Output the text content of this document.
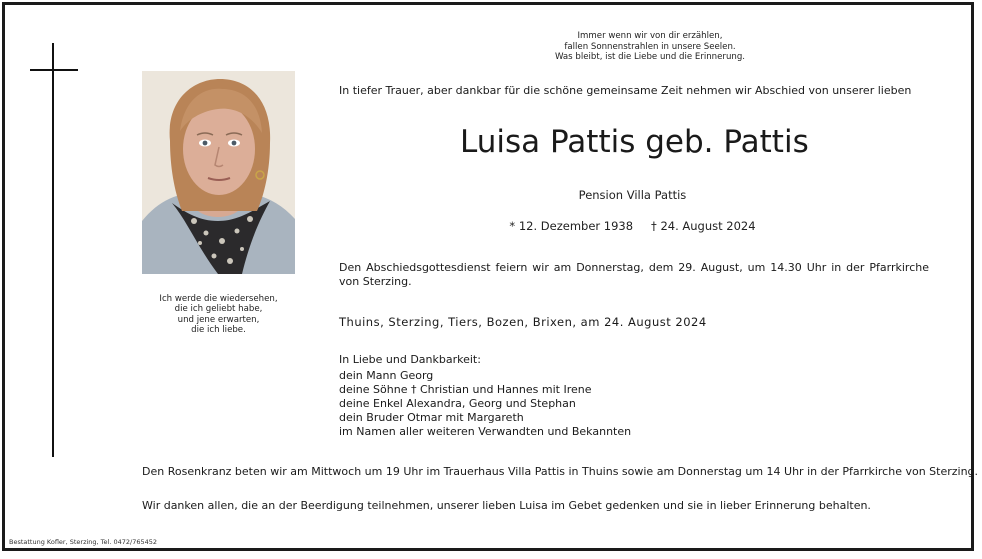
Immer wenn wir von dir erzählen,
fallen Sonnenstrahlen in unsere Seelen.
Was bleibt, ist die Liebe und die Erinnerung.
In tiefer Trauer, aber dankbar für die schöne gemeinsame Zeit nehmen wir Abschied von unserer lieben
Luisa Pattis geb. Pattis
Pension Villa Pattis
* 12. Dezember 1938 † 24. August 2024
Den Abschiedsgottesdienst feiern wir am Donnerstag, dem 29. August, um 14.30 Uhr in der Pfarrkirche von Sterzing.
Thuins, Sterzing, Tiers, Bozen, Brixen, am 24. August 2024
In Liebe und Dankbarkeit:
dein Mann Georg
deine Söhne † Christian und Hannes mit Irene
deine Enkel Alexandra, Georg und Stephan
dein Bruder Otmar mit Margareth
im Namen aller weiteren Verwandten und Bekannten
Ich werde die wiedersehen,
die ich geliebt habe,
und jene erwarten,
die ich liebe.
Den Rosenkranz beten wir am Mittwoch um 19 Uhr im Trauerhaus Villa Pattis in Thuins sowie am Donnerstag um 14 Uhr in der Pfarrkirche von Sterzing.
Wir danken allen, die an der Beerdigung teilnehmen, unserer lieben Luisa im Gebet gedenken und sie in lieber Erinnerung behalten.
Bestattung Kofler, Sterzing, Tel. 0472/765452
